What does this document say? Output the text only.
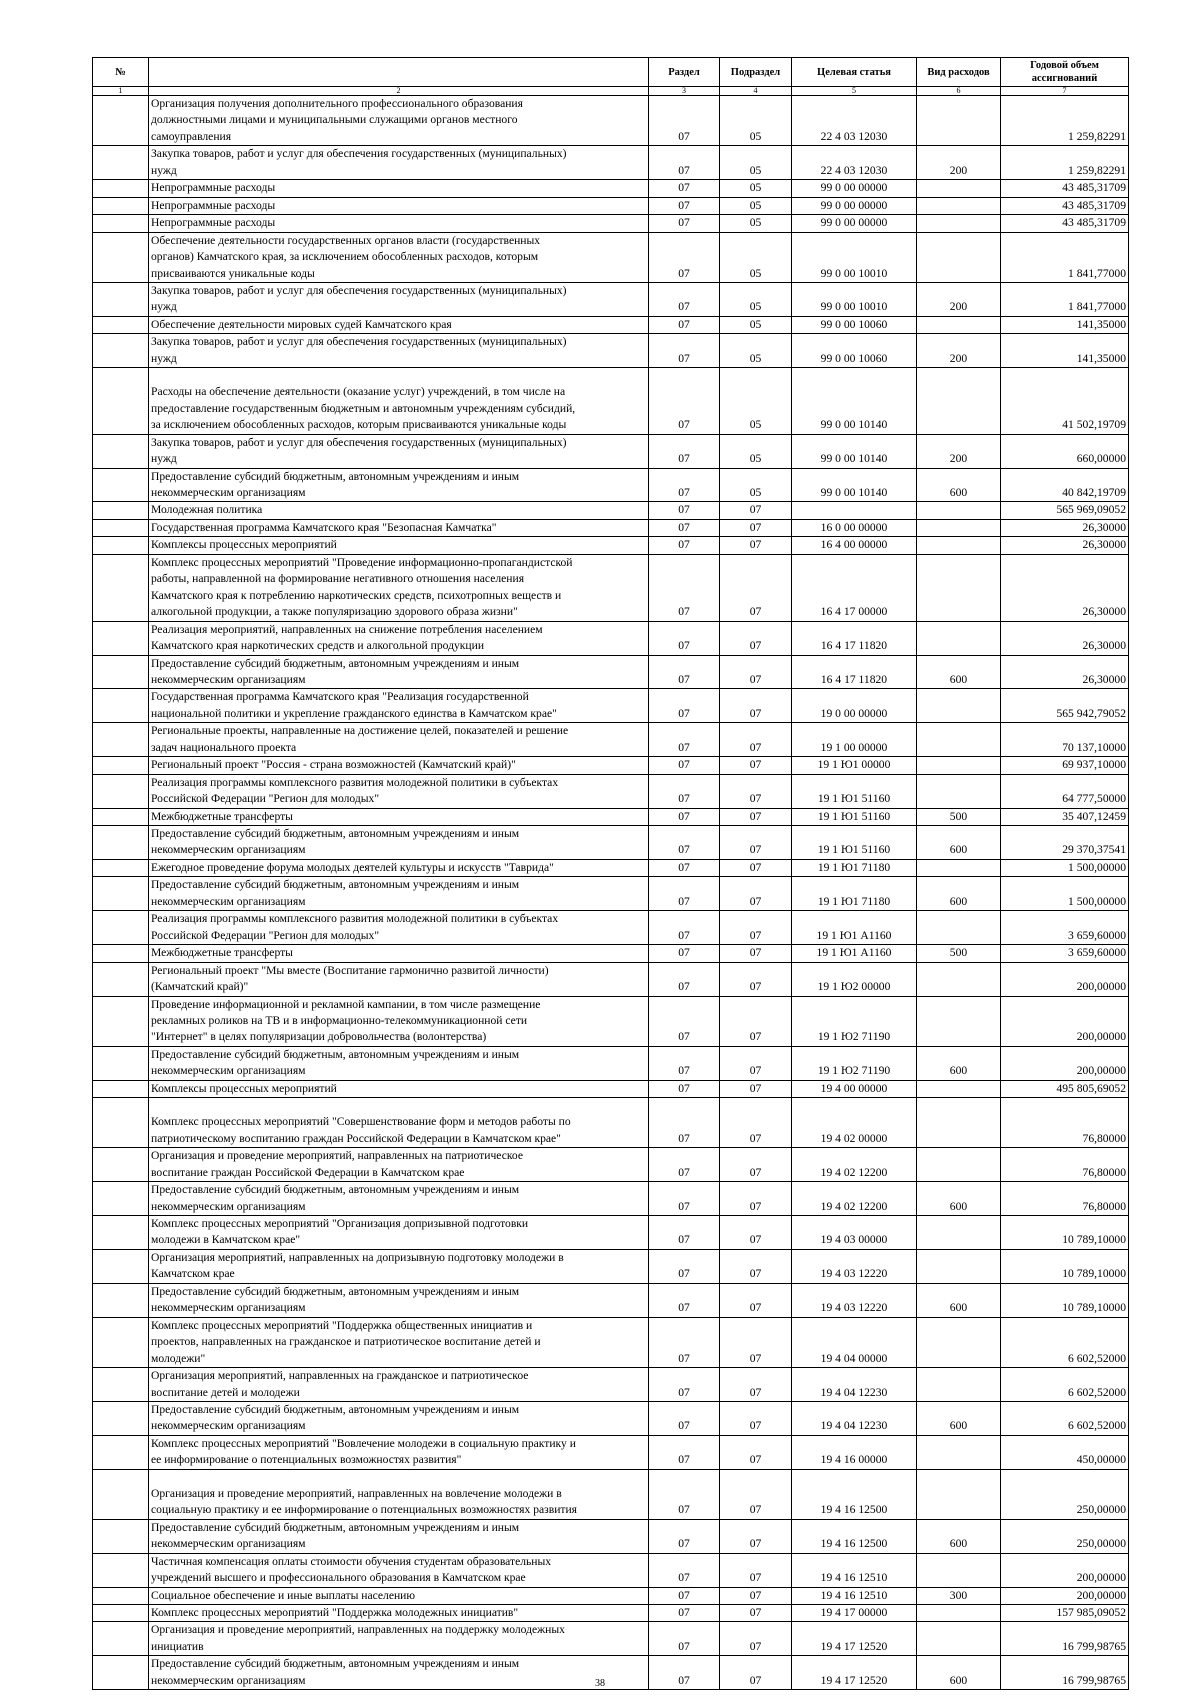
№		Раздел	Подраздел	Целевая статья	Вид расходов	Годовой объем ассигнований
1	2	3	4	5	6	7
	Организация получения дополнительного профессионального образования
должностными лицами и муниципальными служащими органов местного
самоуправления	07	05	22 4 03 12030		1 259,82291
	Закупка товаров, работ и услуг для обеспечения государственных (муниципальных)
нужд	07	05	22 4 03 12030	200	1 259,82291
	Непрограммные расходы	07	05	99 0 00 00000		43 485,31709
	Непрограммные расходы	07	05	99 0 00 00000		43 485,31709
	Непрограммные расходы	07	05	99 0 00 00000		43 485,31709
	Обеспечение деятельности государственных органов власти (государственных
органов) Камчатского края, за исключением обособленных расходов, которым
присваиваются уникальные коды	07	05	99 0 00 10010		1 841,77000
	Закупка товаров, работ и услуг для обеспечения государственных (муниципальных)
нужд	07	05	99 0 00 10010	200	1 841,77000
	Обеспечение деятельности мировых судей Камчатского края	07	05	99 0 00 10060		141,35000
	Закупка товаров, работ и услуг для обеспечения государственных (муниципальных)
нужд	07	05	99 0 00 10060	200	141,35000
	Расходы на обеспечение деятельности (оказание услуг) учреждений, в том числе на
предоставление государственным бюджетным и автономным учреждениям субсидий,
за исключением обособленных расходов, которым присваиваются уникальные коды	07	05	99 0 00 10140		41 502,19709
	Закупка товаров, работ и услуг для обеспечения государственных (муниципальных)
нужд	07	05	99 0 00 10140	200	660,00000
	Предоставление субсидий бюджетным, автономным учреждениям и иным
некоммерческим организациям	07	05	99 0 00 10140	600	40 842,19709
	Молодежная политика	07	07			565 969,09052
	Государственная программа Камчатского края "Безопасная Камчатка"	07	07	16 0 00 00000		26,30000
	Комплексы процессных мероприятий	07	07	16 4 00 00000		26,30000
	Комплекс процессных мероприятий "Проведение информационно-пропагандистской
работы, направленной на формирование негативного отношения населения
Камчатского края к потреблению наркотических средств, психотропных веществ и
алкогольной продукции, а также популяризацию здорового образа жизни"	07	07	16 4 17 00000		26,30000
	Реализация мероприятий, направленных на снижение потребления населением
Камчатского края наркотических средств и алкогольной продукции	07	07	16 4 17 11820		26,30000
	Предоставление субсидий бюджетным, автономным учреждениям и иным
некоммерческим организациям	07	07	16 4 17 11820	600	26,30000
	Государственная программа Камчатского края "Реализация государственной
национальной политики и укрепление гражданского единства в Камчатском крае"	07	07	19 0 00 00000		565 942,79052
	Региональные проекты, направленные на достижение целей, показателей и решение
задач национального проекта	07	07	19 1 00 00000		70 137,10000
	Региональный проект "Россия - страна возможностей (Камчатский край)"	07	07	19 1 Ю1 00000		69 937,10000
	Реализация программы комплексного развития молодежной политики в субъектах
Российской Федерации "Регион для молодых"	07	07	19 1 Ю1 51160		64 777,50000
	Межбюджетные трансферты	07	07	19 1 Ю1 51160	500	35 407,12459
	Предоставление субсидий бюджетным, автономным учреждениям и иным
некоммерческим организациям	07	07	19 1 Ю1 51160	600	29 370,37541
	Ежегодное проведение форума молодых деятелей культуры и искусств "Таврида"	07	07	19 1 Ю1 71180		1 500,00000
	Предоставление субсидий бюджетным, автономным учреждениям и иным
некоммерческим организациям	07	07	19 1 Ю1 71180	600	1 500,00000
	Реализация программы комплексного развития молодежной политики в субъектах
Российской Федерации "Регион для молодых"	07	07	19 1 Ю1 А1160		3 659,60000
	Межбюджетные трансферты	07	07	19 1 Ю1 А1160	500	3 659,60000
	Региональный проект "Мы вместе (Воспитание гармонично развитой личности)
(Камчатский край)"	07	07	19 1 Ю2 00000		200,00000
	Проведение информационной и рекламной кампании, в том числе размещение
рекламных роликов на ТВ и в информационно-телекоммуникационной сети
"Интернет" в целях популяризации добровольчества (волонтерства)	07	07	19 1 Ю2 71190		200,00000
	Предоставление субсидий бюджетным, автономным учреждениям и иным
некоммерческим организациям	07	07	19 1 Ю2 71190	600	200,00000
	Комплексы процессных мероприятий	07	07	19 4 00 00000		495 805,69052
	Комплекс процессных мероприятий "Совершенствование форм и методов работы по
патриотическому воспитанию граждан Российской Федерации в Камчатском крае"	07	07	19 4 02 00000		76,80000
	Организация и проведение мероприятий, направленных на патриотическое
воспитание граждан Российской Федерации в Камчатском крае	07	07	19 4 02 12200		76,80000
	Предоставление субсидий бюджетным, автономным учреждениям и иным
некоммерческим организациям	07	07	19 4 02 12200	600	76,80000
	Комплекс процессных мероприятий "Организация допризывной подготовки
молодежи в Камчатском крае"	07	07	19 4 03 00000		10 789,10000
	Организация мероприятий, направленных на допризывную подготовку молодежи в
Камчатском крае	07	07	19 4 03 12220		10 789,10000
	Предоставление субсидий бюджетным, автономным учреждениям и иным
некоммерческим организациям	07	07	19 4 03 12220	600	10 789,10000
	Комплекс процессных мероприятий "Поддержка общественных инициатив и
проектов, направленных на гражданское и патриотическое воспитание детей и
молодежи"	07	07	19 4 04 00000		6 602,52000
	Организация мероприятий, направленных на гражданское и патриотическое
воспитание детей и молодежи	07	07	19 4 04 12230		6 602,52000
	Предоставление субсидий бюджетным, автономным учреждениям и иным
некоммерческим организациям	07	07	19 4 04 12230	600	6 602,52000
	Комплекс процессных мероприятий "Вовлечение молодежи в социальную практику и
ее информирование о потенциальных возможностях развития"	07	07	19 4 16 00000		450,00000
	Организация и проведение мероприятий, направленных на вовлечение молодежи в
социальную практику и ее информирование о потенциальных возможностях развития	07	07	19 4 16 12500		250,00000
	Предоставление субсидий бюджетным, автономным учреждениям и иным
некоммерческим организациям	07	07	19 4 16 12500	600	250,00000
	Частичная компенсация оплаты стоимости обучения студентам образовательных
учреждений высшего и профессионального образования в Камчатском крае	07	07	19 4 16 12510		200,00000
	Социальное обеспечение и иные выплаты населению	07	07	19 4 16 12510	300	200,00000
	Комплекс процессных мероприятий "Поддержка молодежных инициатив"	07	07	19 4 17 00000		157 985,09052
	Организация и проведение мероприятий, направленных на поддержку молодежных
инициатив	07	07	19 4 17 12520		16 799,98765
	Предоставление субсидий бюджетным, автономным учреждениям и иным
некоммерческим организациям	07	07	19 4 17 12520	600	16 799,98765
38
